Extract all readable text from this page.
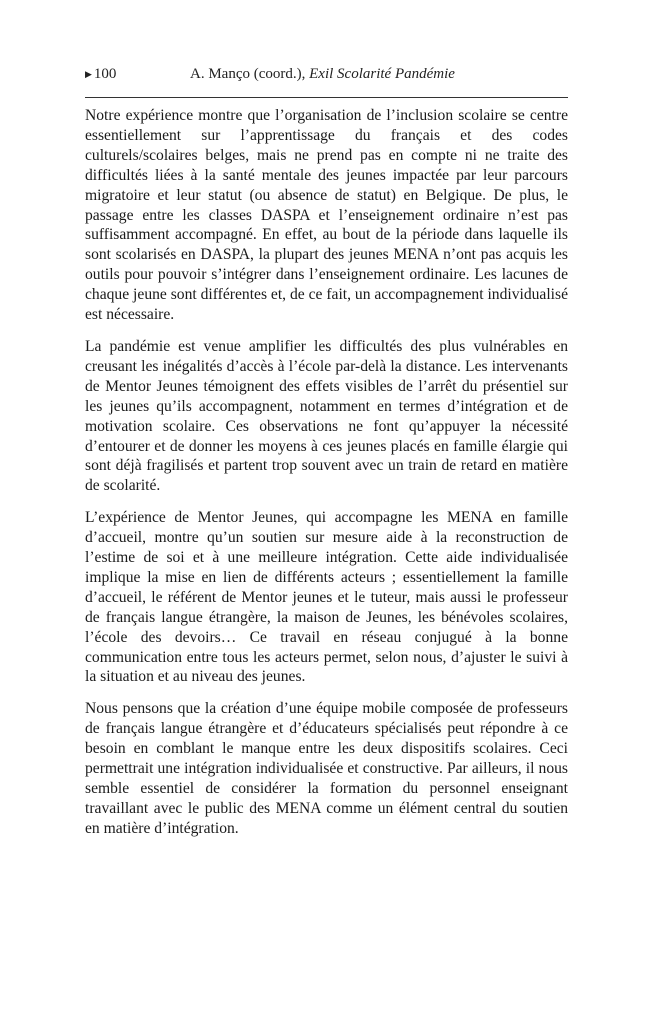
▶ 100	A. Manço (coord.), Exil Scolarité Pandémie

Notre expérience montre que l’organisation de l’inclusion scolaire se centre essentiellement sur l’apprentissage du français et des codes culturels/scolaires belges, mais ne prend pas en compte ni ne traite des difficultés liées à la santé mentale des jeunes impactée par leur parcours migratoire et leur statut (ou absence de statut) en Belgique. De plus, le passage entre les classes DASPA et l’enseignement ordinaire n’est pas suffisamment accompagné. En effet, au bout de la période dans laquelle ils sont scolarisés en DASPA, la plupart des jeunes MENA n’ont pas acquis les outils pour pouvoir s’intégrer dans l’enseignement ordinaire. Les lacunes de chaque jeune sont différentes et, de ce fait, un accompagnement individualisé est nécessaire.

La pandémie est venue amplifier les difficultés des plus vulnérables en creusant les inégalités d’accès à l’école par-delà la distance. Les intervenants de Mentor Jeunes témoignent des effets visibles de l’arrêt du présentiel sur les jeunes qu’ils accompagnent, notamment en termes d’intégration et de motivation scolaire. Ces observations ne font qu’appuyer la nécessité d’entourer et de donner les moyens à ces jeunes placés en famille élargie qui sont déjà fragilisés et partent trop souvent avec un train de retard en matière de scolarité.

L’expérience de Mentor Jeunes, qui accompagne les MENA en famille d’accueil, montre qu’un soutien sur mesure aide à la reconstruction de l’estime de soi et à une meilleure intégration. Cette aide individualisée implique la mise en lien de différents acteurs ; essentiellement la famille d’accueil, le référent de Mentor jeunes et le tuteur, mais aussi le professeur de français langue étrangère, la maison de Jeunes, les bénévoles scolaires, l’école des devoirs… Ce travail en réseau conjugué à la bonne communication entre tous les acteurs permet, selon nous, d’ajuster le suivi à la situation et au niveau des jeunes.

Nous pensons que la création d’une équipe mobile composée de professeurs de français langue étrangère et d’éducateurs spécialisés peut répondre à ce besoin en comblant le manque entre les deux dispositifs scolaires. Ceci permettrait une intégration individualisée et constructive. Par ailleurs, il nous semble essentiel de considérer la formation du personnel enseignant travaillant avec le public des MENA comme un élément central du soutien en matière d’intégration.
